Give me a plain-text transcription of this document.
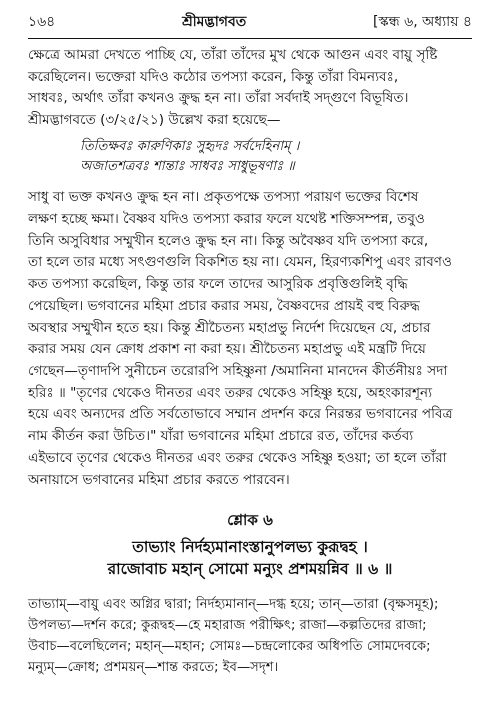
১৬৪	শ্রীমদ্ভাগবত	[স্কন্ধ ৬, অধ্যায় ৪

ক্ষেত্রে আমরা দেখতে পাচ্ছি যে, তাঁরা তাঁদের মুখ থেকে আগুন এবং বায়ু সৃষ্টি

করেছিলেন। ভক্তেরা যদিও কঠোর তপস্যা করেন, কিন্তু তাঁরা বিমন্যবঃ,

সাধবঃ, অর্থাৎ তাঁরা কখনও ক্রুদ্ধ হন না। তাঁরা সর্বদাই সদ্গুণে বিভূষিত।

শ্রীমদ্ভাগবতে (৩/২৫/২১) উল্লেখ করা হয়েছে—

তিতিক্ষবঃ কারুণিকাঃ সুহৃদঃ সর্বদেহিনাম্ ।

অজাতশত্রবঃ শান্তাঃ সাধবঃ সাধুভূষণাঃ ॥

সাধু বা ভক্ত কখনও ক্রুদ্ধ হন না। প্রকৃতপক্ষে তপস্যা পরায়ণ ভক্তের বিশেষ

লক্ষণ হচ্ছে ক্ষমা। বৈষ্ণব যদিও তপস্যা করার ফলে যথেষ্ট শক্তিসম্পন্ন, তবুও

তিনি অসুবিধার সম্মুখীন হলেও ক্রুদ্ধ হন না। কিন্তু অবৈষ্ণব যদি তপস্যা করে,

তা হলে তার মধ্যে সৎগুণগুলি বিকশিত হয় না। যেমন, হিরণ্যকশিপু এবং রাবণও

কত তপস্যা করেছিল, কিন্তু তার ফলে তাদের আসুরিক প্রবৃত্তিগুলিই বৃদ্ধি

পেয়েছিল। ভগবানের মহিমা প্রচার করার সময়, বৈষ্ণবদের প্রায়ই বহু বিরুদ্ধ

অবস্থার সম্মুখীন হতে হয়। কিন্তু শ্রীচৈতন্য মহাপ্রভু নির্দেশ দিয়েছেন যে, প্রচার

করার সময় যেন ক্রোধ প্রকাশ না করা হয়। শ্রীচৈতন্য মহাপ্রভু এই মন্ত্রটি দিয়ে

গেছেন—তৃণাদপি সুনীচেন তরোরপি সহিষ্ণুনা /অমানিনা মানদেন কীর্তনীয়ঃ সদা

হরিঃ ॥ "তৃণের থেকেও দীনতর এবং তরুর থেকেও সহিষ্ণু হয়ে, অহংকারশূন্য

হয়ে এবং অন্যদের প্রতি সর্বতোভাবে সম্মান প্রদর্শন করে নিরন্তর ভগবানের পবিত্র

নাম কীর্তন করা উচিত।" যাঁরা ভগবানের মহিমা প্রচারে রত, তাঁদের কর্তব্য

এইভাবে তৃণের থেকেও দীনতর এবং তরুর থেকেও সহিষ্ণু হওয়া; তা হলে তাঁরা

অনায়াসে ভগবানের মহিমা প্রচার করতে পারবেন।

শ্লোক ৬

তাভ্যাং নির্দহ্যমানাংস্তানুপলভ্য কুরূদ্বহ ।

রাজোবাচ মহান্ সোমো মন্যুং প্রশময়ন্নিব ॥ ৬ ॥

তাভ্যাম্—বায়ু এবং অগ্নির দ্বারা; নির্দহ্যমানান্—দগ্ধ হয়ে; তান্—তারা (বৃক্ষসমূহ);

উপলভ্য—দর্শন করে; কুরূদ্বহ—হে মহারাজ পরীক্ষিৎ; রাজা—কল্পতিদের রাজা;

উবাচ—বলেছিলেন; মহান্—মহান; সোমঃ—চন্দ্রলোকের অধিপতি সোমদেবকে;

মন্যুম্—ক্রোধ; প্রশময়ন্—শান্ত করতে; ইব—সদৃশ।
